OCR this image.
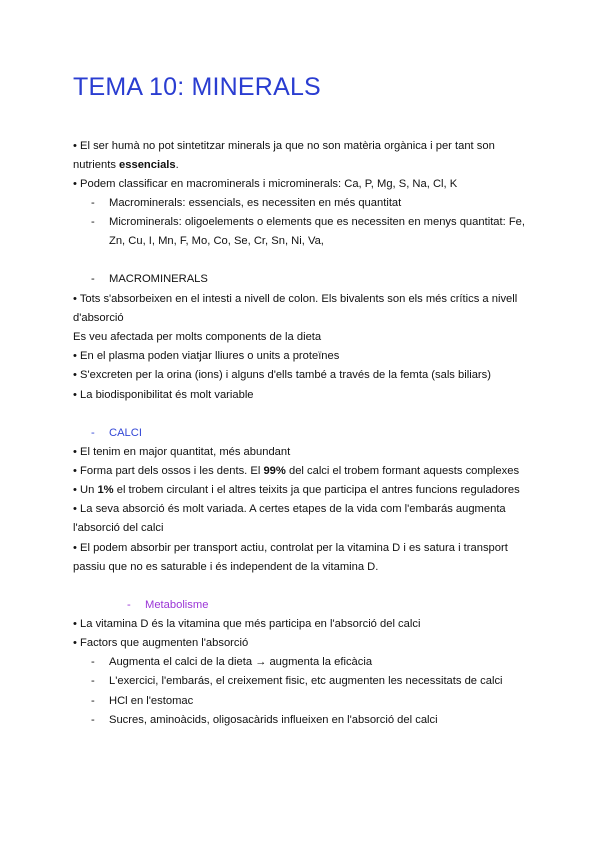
TEMA 10: MINERALS
• El ser humà no pot sintetitzar minerals ja que no son matèria orgànica i per tant son
nutrients essencials.
• Podem classificar en macrominerals i microminerals: Ca, P, Mg, S, Na, Cl, K
- Macrominerals: essencials, es necessiten en més quantitat
- Microminerals: oligoelements o elements que es necessiten en menys quantitat: Fe,
Zn, Cu, I, Mn, F, Mo, Co, Se, Cr, Sn, Ni, Va,
- MACROMINERALS
• Tots s'absorbeixen en el intesti a nivell de colon. Els bivalents son els més crítics a nivell
d'absorció
Es veu afectada per molts components de la dieta
• En el plasma poden viatjar lliures o units a proteïnes
• S'excreten per la orina (ions) i alguns d'ells també a través de la femta (sals biliars)
• La biodisponibilitat és molt variable
- CALCI
• El tenim en major quantitat, més abundant
• Forma part dels ossos i les dents. El 99% del calci el trobem formant aquests complexes
• Un 1% el trobem circulant i el altres teixits ja que participa el antres funcions reguladores
• La seva absorció és molt variada. A certes etapes de la vida com l'embarás augmenta
l'absorció del calci
• El podem absorbir per transport actiu, controlat per la vitamina D i es satura i transport
passiu que no es saturable i és independent de la vitamina D.
- Metabolisme
• La vitamina D és la vitamina que més participa en l'absorció del calci
• Factors que augmenten l'absorció
- Augmenta el calci de la dieta → augmenta la eficàcia
- L'exercici, l'embarás, el creixement fisic, etc augmenten les necessitats de calci
- HCl en l'estomac
- Sucres, aminoàcids, oligosacàrids influeixen en l'absorció del calci
